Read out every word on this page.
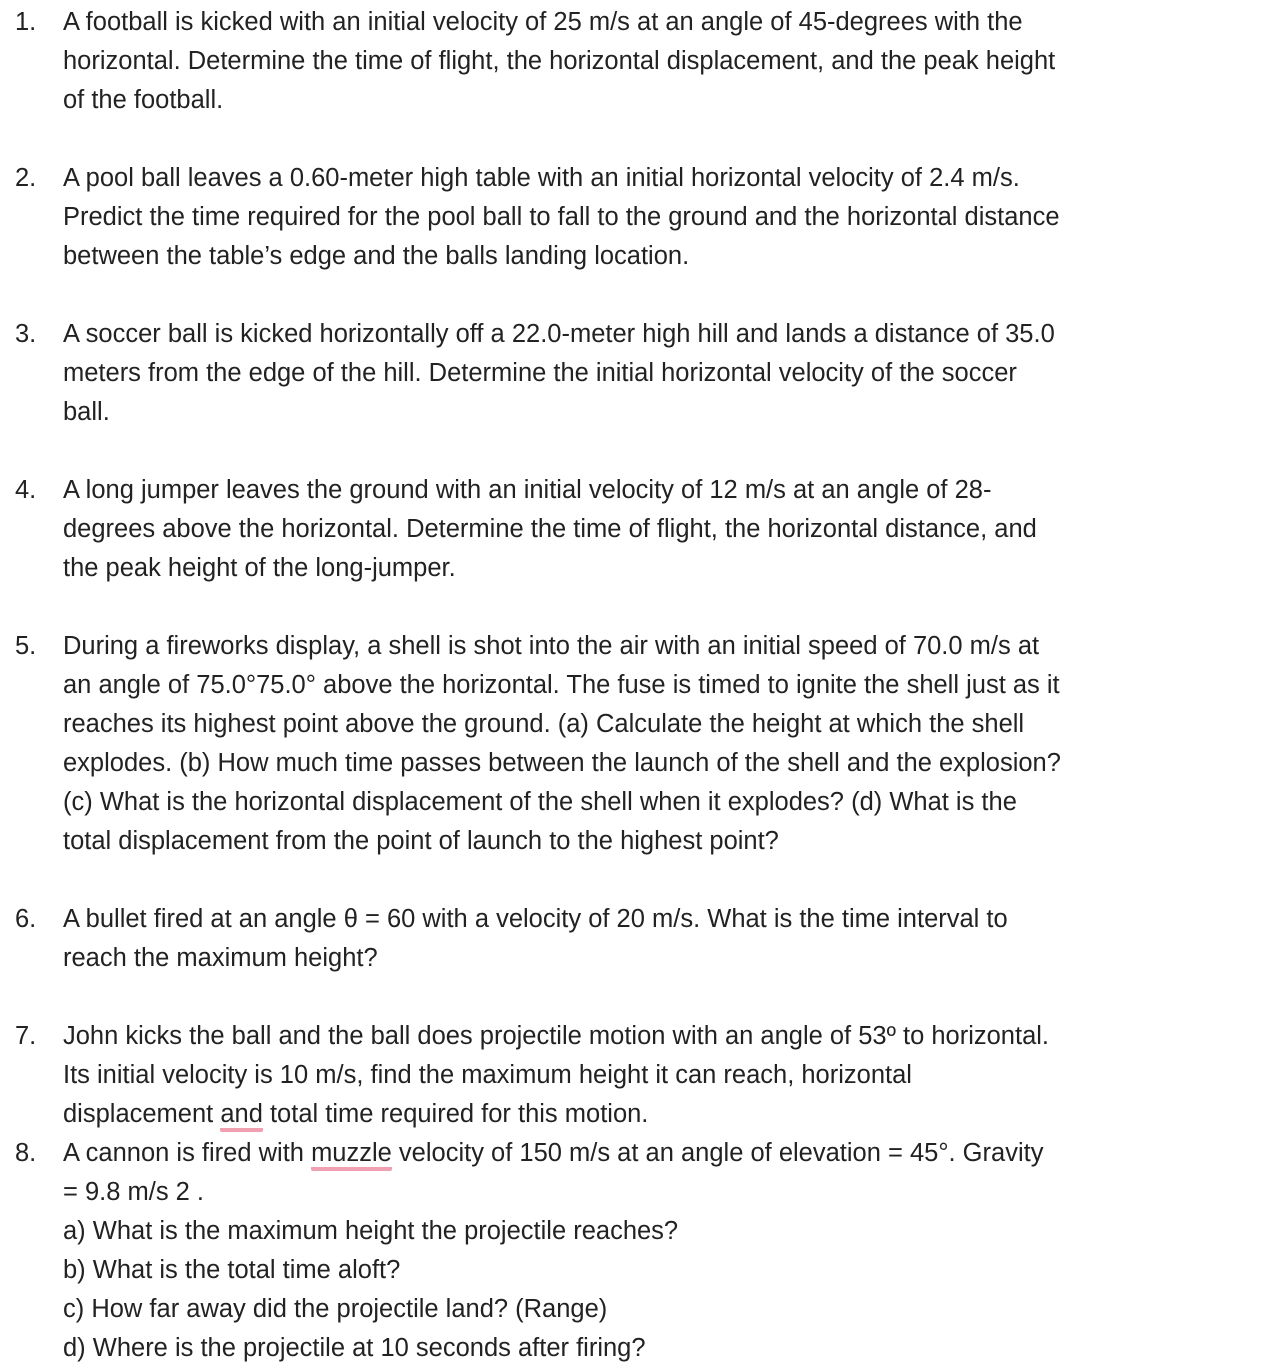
1. A football is kicked with an initial velocity of 25 m/s at an angle of 45-degrees with the
horizontal. Determine the time of flight, the horizontal displacement, and the peak height
of the football.
2. A pool ball leaves a 0.60-meter high table with an initial horizontal velocity of 2.4 m/s.
Predict the time required for the pool ball to fall to the ground and the horizontal distance
between the table’s edge and the balls landing location.
3. A soccer ball is kicked horizontally off a 22.0-meter high hill and lands a distance of 35.0
meters from the edge of the hill. Determine the initial horizontal velocity of the soccer
ball.
4. A long jumper leaves the ground with an initial velocity of 12 m/s at an angle of 28-
degrees above the horizontal. Determine the time of flight, the horizontal distance, and
the peak height of the long-jumper.
5. During a fireworks display, a shell is shot into the air with an initial speed of 70.0 m/s at
an angle of 75.0°75.0° above the horizontal. The fuse is timed to ignite the shell just as it
reaches its highest point above the ground. (a) Calculate the height at which the shell
explodes. (b) How much time passes between the launch of the shell and the explosion?
(c) What is the horizontal displacement of the shell when it explodes? (d) What is the
total displacement from the point of launch to the highest point?
6. A bullet fired at an angle θ = 60 with a velocity of 20 m/s. What is the time interval to
reach the maximum height?
7. John kicks the ball and the ball does projectile motion with an angle of 53º to horizontal.
Its initial velocity is 10 m/s, find the maximum height it can reach, horizontal
displacement and total time required for this motion.
8. A cannon is fired with muzzle velocity of 150 m/s at an angle of elevation = 45°. Gravity
= 9.8 m/s 2 .
a) What is the maximum height the projectile reaches?
b) What is the total time aloft?
c) How far away did the projectile land? (Range)
d) Where is the projectile at 10 seconds after firing?
